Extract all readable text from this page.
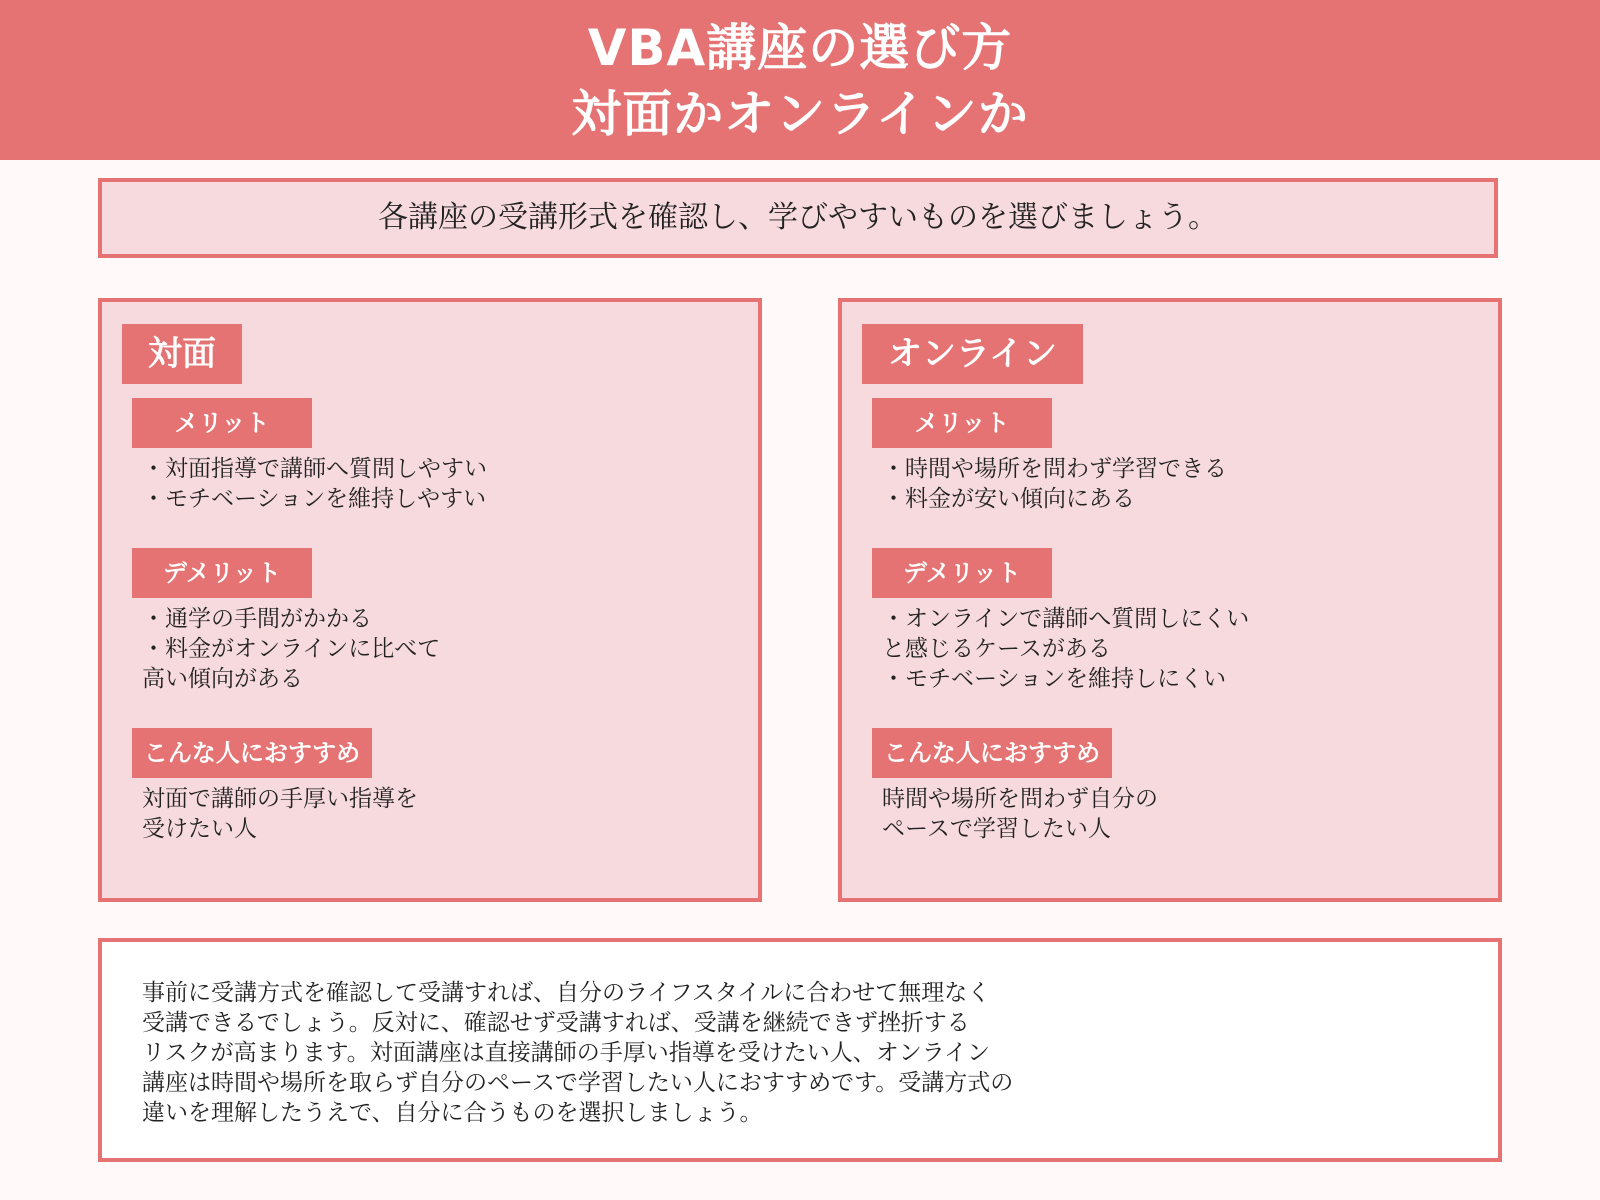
VBA講座の選び方
対面かオンラインか
各講座の受講形式を確認し、学びやすいものを選びましょう。
対面
メリット
・対面指導で講師へ質問しやすい
・モチベーションを維持しやすい
デメリット
・通学の手間がかかる
・料金がオンラインに比べて
高い傾向がある
こんな人におすすめ
対面で講師の手厚い指導を
受けたい人
オンライン
メリット
・時間や場所を問わず学習できる
・料金が安い傾向にある
デメリット
・オンラインで講師へ質問しにくい
と感じるケースがある
・モチベーションを維持しにくい
こんな人におすすめ
時間や場所を問わず自分の
ペースで学習したい人
事前に受講方式を確認して受講すれば、自分のライフスタイルに合わせて無理なく
受講できるでしょう。反対に、確認せず受講すれば、受講を継続できず挫折する
リスクが高まります。対面講座は直接講師の手厚い指導を受けたい人、オンライン
講座は時間や場所を取らず自分のペースで学習したい人におすすめです。受講方式の
違いを理解したうえで、自分に合うものを選択しましょう。
